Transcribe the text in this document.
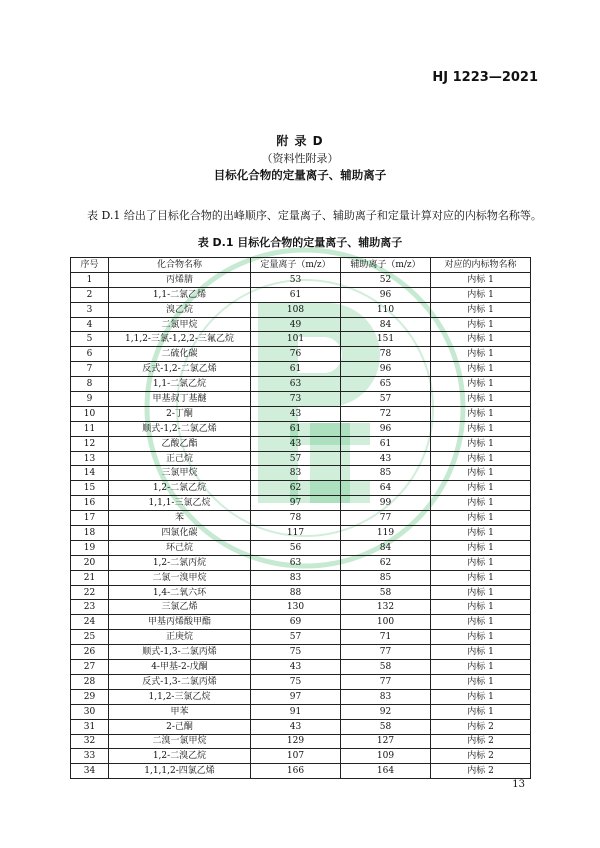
HJ 1223—2021
附 录 D
（资料性附录）
目标化合物的定量离子、辅助离子
表 D.1 给出了目标化合物的出峰顺序、定量离子、辅助离子和定量计算对应的内标物名称等。
表 D.1 目标化合物的定量离子、辅助离子
序号	化合物名称	定量离子（m/z）	辅助离子（m/z）	对应的内标物名称
1	丙烯腈	53	52	内标 1
2	1,1-二氯乙烯	61	96	内标 1
3	溴乙烷	108	110	内标 1
4	二氯甲烷	49	84	内标 1
5	1,1,2-三氯-1,2,2-三氟乙烷	101	151	内标 1
6	二硫化碳	76	78	内标 1
7	反式-1,2-二氯乙烯	61	96	内标 1
8	1,1-二氯乙烷	63	65	内标 1
9	甲基叔丁基醚	73	57	内标 1
10	2-丁酮	43	72	内标 1
11	顺式-1,2-二氯乙烯	61	96	内标 1
12	乙酸乙酯	43	61	内标 1
13	正己烷	57	43	内标 1
14	三氯甲烷	83	85	内标 1
15	1,2-二氯乙烷	62	64	内标 1
16	1,1,1-三氯乙烷	97	99	内标 1
17	苯	78	77	内标 1
18	四氯化碳	117	119	内标 1
19	环己烷	56	84	内标 1
20	1,2-二氯丙烷	63	62	内标 1
21	二氯一溴甲烷	83	85	内标 1
22	1,4-二氧六环	88	58	内标 1
23	三氯乙烯	130	132	内标 1
24	甲基丙烯酸甲酯	69	100	内标 1
25	正庚烷	57	71	内标 1
26	顺式-1,3-二氯丙烯	75	77	内标 1
27	4-甲基-2-戊酮	43	58	内标 1
28	反式-1,3-二氯丙烯	75	77	内标 1
29	1,1,2-三氯乙烷	97	83	内标 1
30	甲苯	91	92	内标 1
31	2-己酮	43	58	内标 2
32	二溴一氯甲烷	129	127	内标 2
33	1,2-二溴乙烷	107	109	内标 2
34	1,1,1,2-四氯乙烯	166	164	内标 2
13
